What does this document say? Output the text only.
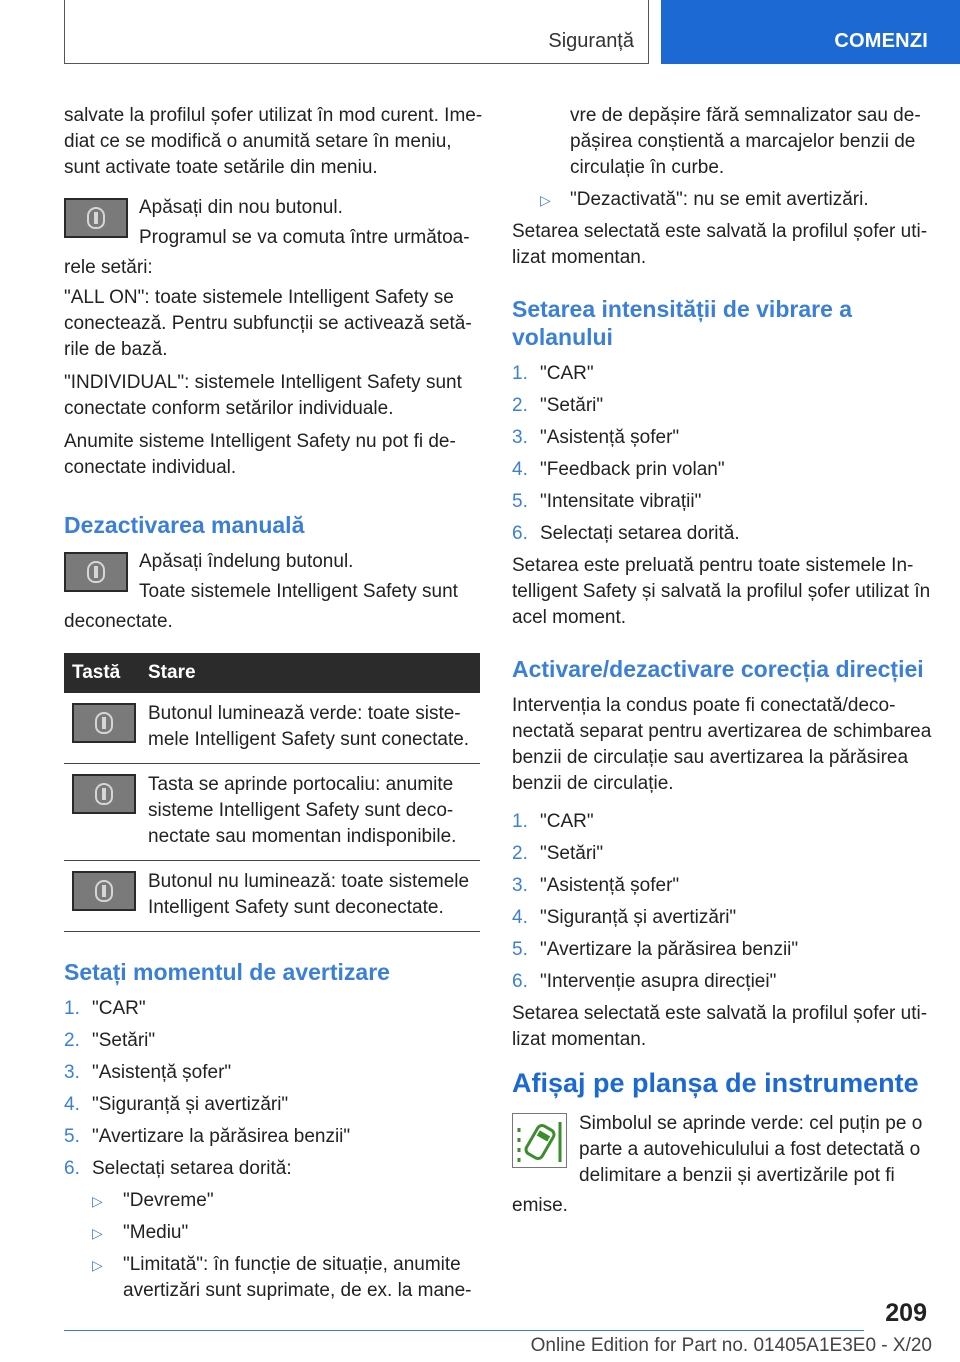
Siguranță	COMENZI

salvate la profilul șofer utilizat în mod curent. Imediat ce se modifică o anumită setare în meniu, sunt activate toate setările din meniu.

Apăsați din nou butonul.

Programul se va comuta între următoa-

rele setări:

"ALL ON": toate sistemele Intelligent Safety se conectează. Pentru subfuncții se activează setările de bază.

"INDIVIDUAL": sistemele Intelligent Safety sunt conectate conform setărilor individuale.

Anumite sisteme Intelligent Safety nu pot fi deconectate individual.

Dezactivarea manuală

Apăsați îndelung butonul.

Toate sistemele Intelligent Safety sunt

deconectate.

Tastă	Stare

	Butonul luminează verde: toate sistemele Intelligent Safety sunt conectate.

	Tasta se aprinde portocaliu: anumite sisteme Intelligent Safety sunt deconectate sau momentan indisponibile.

	Butonul nu luminează: toate sistemele Intelligent Safety sunt deconectate.
Setați momentul de avertizare
1. "CAR"
2. "Setări"
3. "Asistență șofer"
4. "Siguranță și avertizări"
5. "Avertizare la părăsirea benzii"
6. Selectați setarea dorită:
▷ "Devreme"
▷ "Mediu"
▷ "Limitată": în funcție de situație, anumite avertizări sunt suprimate, de ex. la mane-

vre de depășire fără semnalizator sau depășirea conștientă a marcajelor benzii de circulație în curbe.

▷ "Dezactivată": nu se emit avertizări.

Setarea selectată este salvată la profilul șofer utilizat momentan.

Setarea intensității de vibrare a volanului
1. "CAR"
2. "Setări"
3. "Asistență șofer"
4. "Feedback prin volan"
5. "Intensitate vibrații"
6. Selectați setarea dorită.

Setarea este preluată pentru toate sistemele Intelligent Safety și salvată la profilul șofer utilizat în acel moment.

Activare/dezactivare corecția direcției

Intervenția la condus poate fi conectată/deconectată separat pentru avertizarea de schimbarea benzii de circulație sau avertizarea la părăsirea benzii de circulație.

1. "CAR"
2. "Setări"
3. "Asistență șofer"
4. "Siguranță și avertizări"
5. "Avertizare la părăsirea benzii"
6. "Intervenție asupra direcției"

Setarea selectată este salvată la profilul șofer utilizat momentan.

Afișaj pe planșa de instrumente

Simbolul se aprinde verde: cel puțin pe o parte a autovehiculului a fost detectată o delimitare a benzii și avertizările pot fi

emise.

209
Online Edition for Part no. 01405A1E3E0 - X/20
